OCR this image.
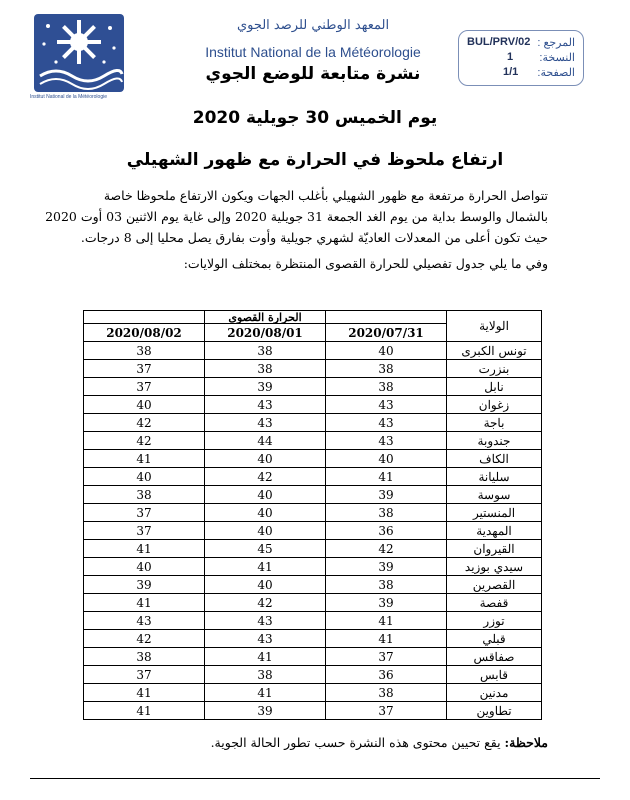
Institut National de la Météorologie
المعهد الوطني للرصد الجوي
Institut National de la Météorologie
نشرة متابعة للوضع الجوي
المرجع :
BUL/PRV/02
النسخة:
1
الصفحة:
1/1
يوم الخميس 30 جويلية 2020
ارتفاع ملحوظ في الحرارة مع ظهور الشهيلي
تتواصل الحرارة مرتفعة مع ظهور الشهيلي بأغلب الجهات ويكون الارتفاع ملحوظا خاصة
بالشمال والوسط بداية من يوم الغد الجمعة 31 جويلية 2020 وإلى غاية يوم الاثنين 03 أوت 2020
حيث تكون أعلى من المعدلات العاديّة لشهري جويلية وأوت بفارق يصل محليا إلى 8 درجات.
وفي ما يلي جدول تفصيلي للحرارة القصوى المنتظرة بمختلف الولايات:
	الحرارة القصوى		الولاية
2020/08/02	2020/08/01	2020/07/31	
38	38	40	تونس الكبرى
37	38	38	بنزرت
37	39	38	نابل
40	43	43	زغوان
42	43	43	باجة
42	44	43	جندوبة
41	40	40	الكاف
40	42	41	سليانة
38	40	39	سوسة
37	40	38	المنستير
37	40	36	المهدية
41	45	42	القيروان
40	41	39	سيدي بوزيد
39	40	38	القصرين
41	42	39	قفصة
43	43	41	توزر
42	43	41	قبلي
38	41	37	صفاقس
37	38	36	قابس
41	41	38	مدنين
41	39	37	تطاوين
ملاحظة: يقع تحيين محتوى هذه النشرة حسب تطور الحالة الجوية.
